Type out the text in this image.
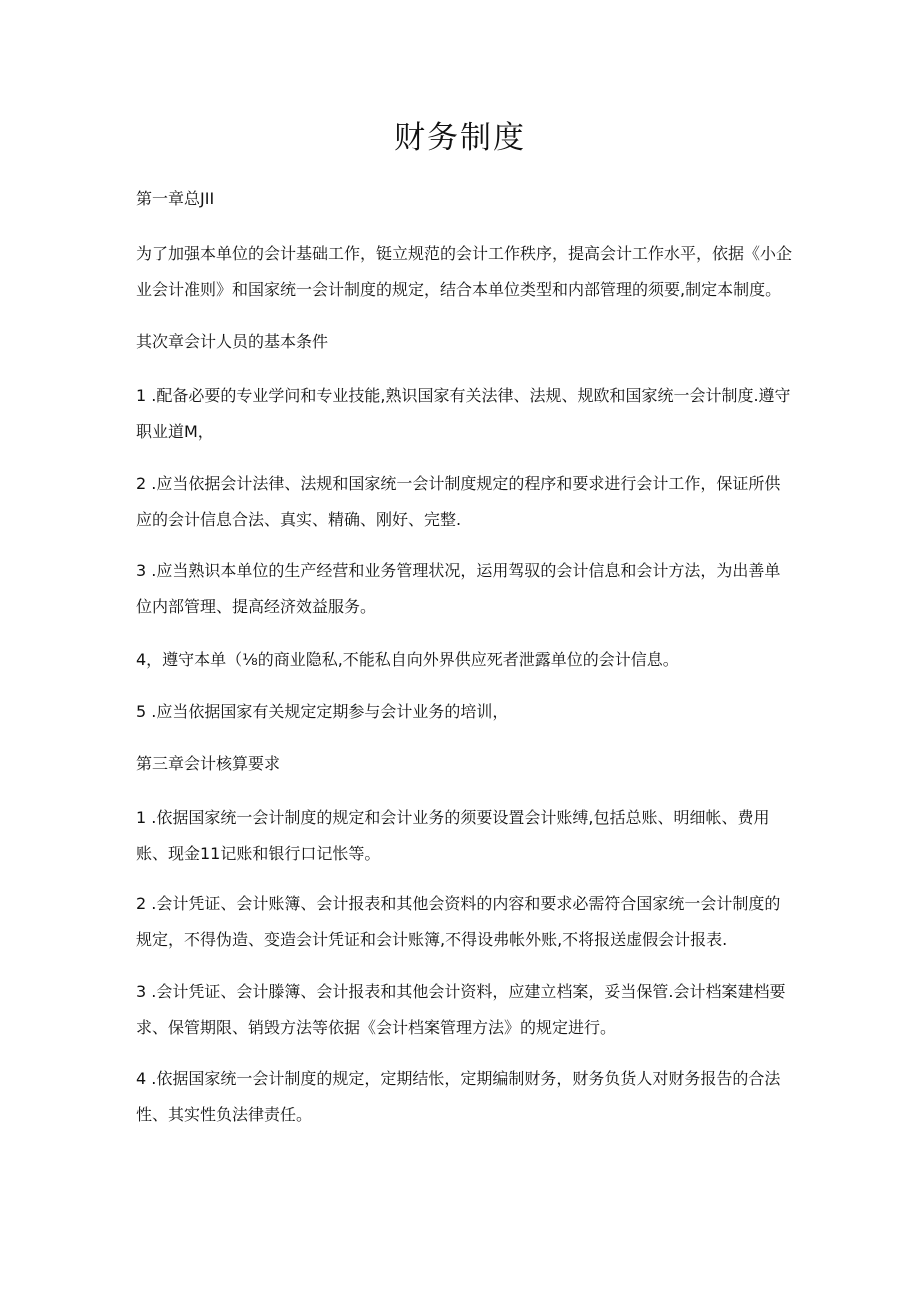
财务制度
第一章总JII

为了加强本单位的会计基础工作，铤立规范的会计工作秩序，提高会计工作水平，依据《小企业会计准则》和国家统一会计制度的规定，结合本单位类型和内部管理的须要,制定本制度。

其次章会计人员的基本条件

1 .配备必要的专业学问和专业技能,熟识国家有关法律、法规、规欧和国家统一会计制度.遵守职业道M，

2 .应当依据会计法律、法规和国家统一会计制度规定的程序和要求进行会计工作，保证所供应的会计信息合法、真实、精确、刚好、完整.

3 .应当熟识本单位的生产经营和业务管理状况，运用驾驭的会计信息和会计方法，为出善单位内部管理、提高经济效益服务。

4，遵守本单（⅛的商业隐私,不能私自向外界供应死者泄露单位的会计信息。

5 .应当依据国家有关规定定期参与会计业务的培训，

第三章会计核算要求

1 .依据国家统一会计制度的规定和会计业务的须要设置会计账缚,包括总账、明细帐、费用账、现金11记账和银行口记怅等。

2 .会计凭证、会计账簿、会计报表和其他会资料的内容和要求必需符合国家统一会计制度的规定，不得伪造、变造会计凭证和会计账簿,不得设弗帐外账,不将报送虚假会计报表.

3 .会计凭证、会计滕簿、会计报表和其他会计资料，应建立档案，妥当保管.会计档案建档要求、保管期限、销毁方法等依据《会计档案管理方法》的规定进行。

4 .依据国家统一会计制度的规定，定期结怅，定期编制财务，财务负货人对财务报告的合法性、其实性负法律责任。
